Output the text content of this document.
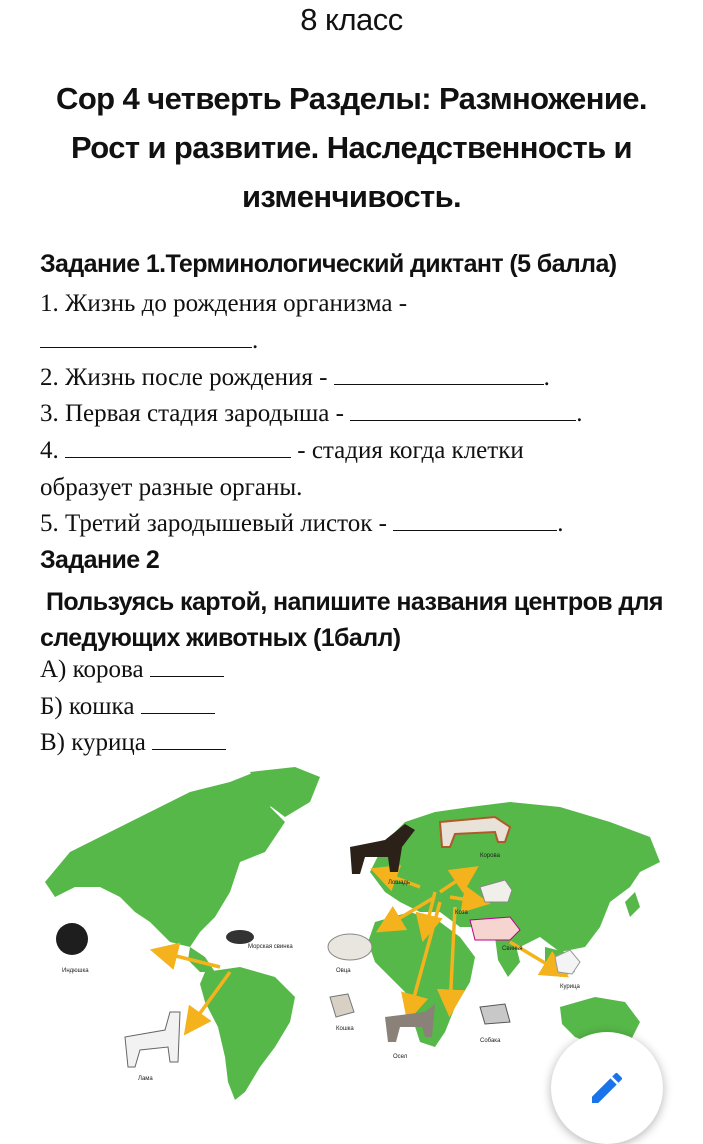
8 класс
Сор 4 четверть Разделы: Размножение. Рост и развитие. Наследственность и изменчивость.
Задание 1.Терминологический диктант (5 балла)
1. Жизнь до рождения организма -
.
2. Жизнь после рождения -	.
3. Первая стадия зародыша -	.
4.	- стадия когда клетки
образует разные органы.
5. Третий зародышевый листок -	.
Задание 2
Пользуясь картой, напишите названия центров для следующих животных (1балл)
А) корова
Б) кошка
В) курица
Корова
Лошадь
Коза
Свинья
Овца
Курица
Кошка
Осел
Собака
Индюшка
Морская свинка
Лама
